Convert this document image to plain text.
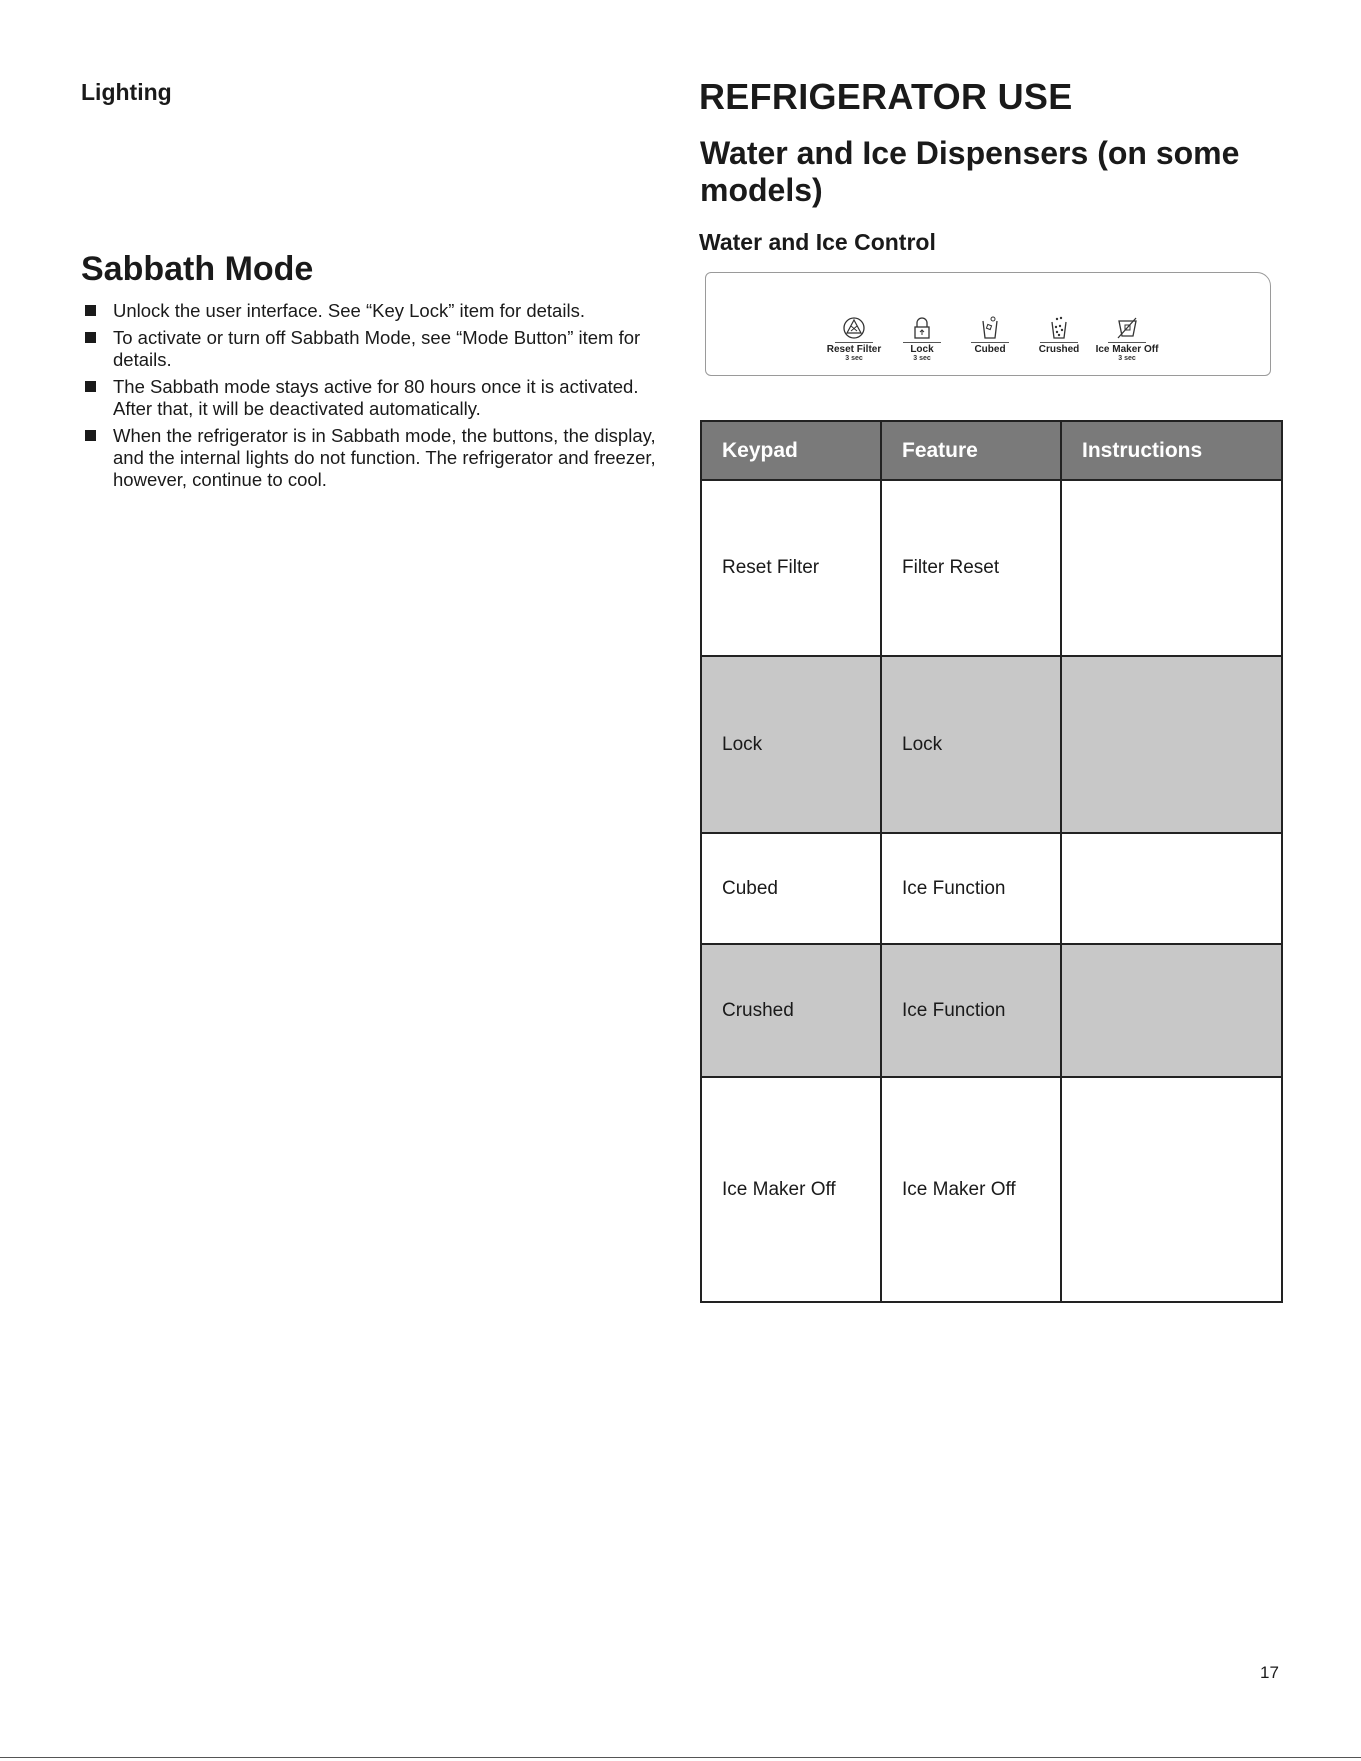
Lighting
Sabbath Mode
Unlock the user interface. See “Key Lock” item for details.
To activate or turn off Sabbath Mode, see “Mode Button” item for details.
The Sabbath mode stays active for 80 hours once it is activated. After that, it will be deactivated automatically.
When the refrigerator is in Sabbath mode, the buttons, the display, and the internal lights do not function. The refrigerator and freezer, however, continue to cool.
REFRIGERATOR USE
Water and Ice Dispensers (on some models)
Water and Ice Control
Reset Filter
3 sec
Lock
3 sec
Cubed	Crushed	Ice Maker Off
3 sec
Keypad	Feature	Instructions
Reset Filter	Filter Reset	
Lock	Lock	
Cubed	Ice Function	
Crushed	Ice Function	
Ice Maker Off	Ice Maker Off	

17
